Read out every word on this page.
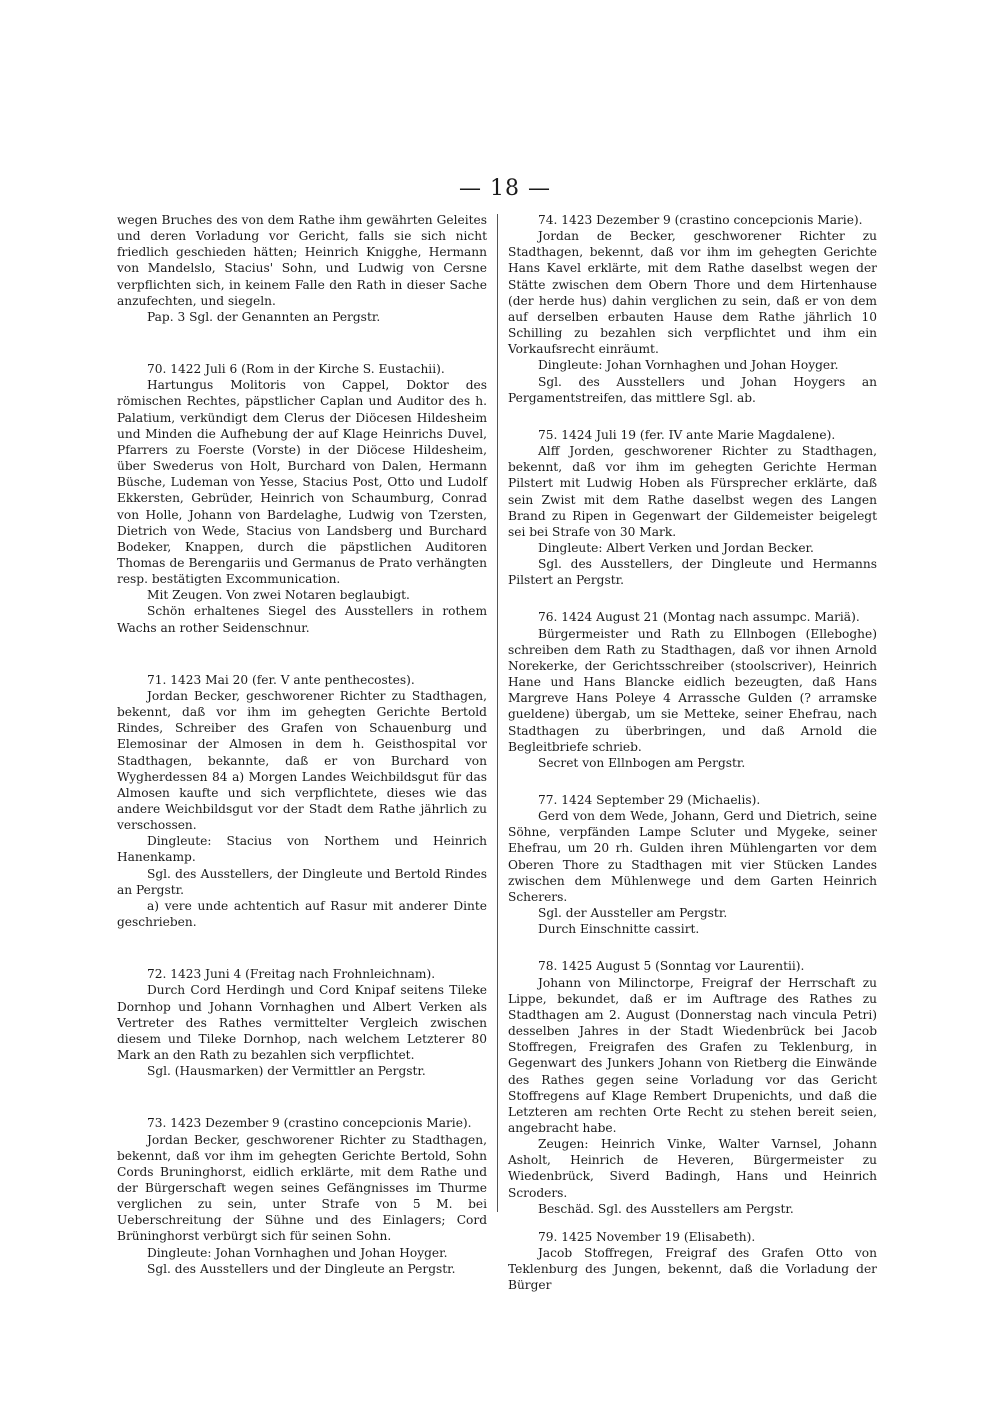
— 18 —

wegen Bruches des von dem Rathe ihm gewährten Geleites und deren Vorladung vor Gericht, falls sie sich nicht friedlich geschieden hätten; Heinrich Knigghe, Hermann von Mandelslo, Stacius' Sohn, und Ludwig von Cersne verpflichten sich, in keinem Falle den Rath in dieser Sache anzufechten, und siegeln.

Pap. 3 Sgl. der Genannten an Pergstr.

70. 1422 Juli 6 (Rom in der Kirche S. Eustachii).

Hartungus Molitoris von Cappel, Doktor des römischen Rechtes, päpstlicher Caplan und Auditor des h. Palatium, verkündigt dem Clerus der Diöcesen Hildesheim und Minden die Aufhebung der auf Klage Heinrichs Duvel, Pfarrers zu Foerste (Vorste) in der Diöcese Hildesheim, über Swederus von Holt, Burchard von Dalen, Hermann Büsche, Ludeman von Yesse, Stacius Post, Otto und Ludolf Ekkersten, Gebrüder, Heinrich von Schaumburg, Conrad von Holle, Johann von Bardelaghe, Ludwig von Tzersten, Dietrich von Wede, Stacius von Landsberg und Burchard Bodeker, Knappen, durch die päpstlichen Auditoren Thomas de Berengariis und Germanus de Prato verhängten resp. bestätigten Excommunication.

Mit Zeugen. Von zwei Notaren beglaubigt.

Schön erhaltenes Siegel des Ausstellers in rothem Wachs an rother Seidenschnur.

71. 1423 Mai 20 (fer. V ante penthecostes).

Jordan Becker, geschworener Richter zu Stadthagen, bekennt, daß vor ihm im gehegten Gerichte Bertold Rindes, Schreiber des Grafen von Schauenburg und Elemosinar der Almosen in dem h. Geisthospital vor Stadthagen, bekannte, daß er von Burchard von Wygherdessen 84 a) Morgen Landes Weichbildsgut für das Almosen kaufte und sich verpflichtete, dieses wie das andere Weichbildsgut vor der Stadt dem Rathe jährlich zu verschossen.

Dingleute: Stacius von Northem und Heinrich Hanenkamp.

Sgl. des Ausstellers, der Dingleute und Bertold Rindes an Pergstr.

a) vere unde achtentich auf Rasur mit anderer Dinte geschrieben.

72. 1423 Juni 4 (Freitag nach Frohnleichnam).

Durch Cord Herdingh und Cord Knipaf seitens Tileke Dornhop und Johann Vornhaghen und Albert Verken als Vertreter des Rathes vermittelter Vergleich zwischen diesem und Tileke Dornhop, nach welchem Letzterer 80 Mark an den Rath zu bezahlen sich verpflichtet.

Sgl. (Hausmarken) der Vermittler an Pergstr.

73. 1423 Dezember 9 (crastino concepcionis Marie).

Jordan Becker, geschworener Richter zu Stadthagen, bekennt, daß vor ihm im gehegten Gerichte Bertold, Sohn Cords Bruninghorst, eidlich erklärte, mit dem Rathe und der Bürgerschaft wegen seines Gefängnisses im Thurme verglichen zu sein, unter Strafe von 5 M. bei Ueberschreitung der Sühne und des Einlagers; Cord Brüninghorst verbürgt sich für seinen Sohn.

Dingleute: Johan Vornhaghen und Johan Hoyger.

Sgl. des Ausstellers und der Dingleute an Pergstr.

74. 1423 Dezember 9 (crastino concepcionis Marie).

Jordan de Becker, geschworener Richter zu Stadthagen, bekennt, daß vor ihm im gehegten Gerichte Hans Kavel erklärte, mit dem Rathe daselbst wegen der Stätte zwischen dem Obern Thore und dem Hirtenhause (der herde hus) dahin verglichen zu sein, daß er von dem auf derselben erbauten Hause dem Rathe jährlich 10 Schilling zu bezahlen sich verpflichtet und ihm ein Vorkaufsrecht einräumt.

Dingleute: Johan Vornhaghen und Johan Hoyger.

Sgl. des Ausstellers und Johan Hoygers an Pergamentstreifen, das mittlere Sgl. ab.

75. 1424 Juli 19 (fer. IV ante Marie Magdalene).

Alff Jorden, geschworener Richter zu Stadthagen, bekennt, daß vor ihm im gehegten Gerichte Herman Pilstert mit Ludwig Hoben als Fürsprecher erklärte, daß sein Zwist mit dem Rathe daselbst wegen des Langen Brand zu Ripen in Gegenwart der Gildemeister beigelegt sei bei Strafe von 30 Mark.

Dingleute: Albert Verken und Jordan Becker.

Sgl. des Ausstellers, der Dingleute und Hermanns Pilstert an Pergstr.

76. 1424 August 21 (Montag nach assumpc. Mariä).

Bürgermeister und Rath zu Ellnbogen (Elleboghe) schreiben dem Rath zu Stadthagen, daß vor ihnen Arnold Norekerke, der Gerichtsschreiber (stoolscriver), Heinrich Hane und Hans Blancke eidlich bezeugten, daß Hans Margreve Hans Poleye 4 Arrassche Gulden (? arramske gueldene) übergab, um sie Metteke, seiner Ehefrau, nach Stadthagen zu überbringen, und daß Arnold die Begleitbriefe schrieb.

Secret von Ellnbogen am Pergstr.

77. 1424 September 29 (Michaelis).

Gerd von dem Wede, Johann, Gerd und Dietrich, seine Söhne, verpfänden Lampe Scluter und Mygeke, seiner Ehefrau, um 20 rh. Gulden ihren Mühlengarten vor dem Oberen Thore zu Stadthagen mit vier Stücken Landes zwischen dem Mühlenwege und dem Garten Heinrich Scherers.

Sgl. der Aussteller am Pergstr.

Durch Einschnitte cassirt.

78. 1425 August 5 (Sonntag vor Laurentii).

Johann von Milinctorpe, Freigraf der Herrschaft zu Lippe, bekundet, daß er im Auftrage des Rathes zu Stadthagen am 2. August (Donnerstag nach vincula Petri) desselben Jahres in der Stadt Wiedenbrück bei Jacob Stoffregen, Freigrafen des Grafen zu Teklenburg, in Gegenwart des Junkers Johann von Rietberg die Einwände des Rathes gegen seine Vorladung vor das Gericht Stoffregens auf Klage Rembert Drupenichts, und daß die Letzteren am rechten Orte Recht zu stehen bereit seien, angebracht habe.

Zeugen: Heinrich Vinke, Walter Varnsel, Johann Asholt, Heinrich de Heveren, Bürgermeister zu Wiedenbrück, Siverd Badingh, Hans und Heinrich Scroders.

Beschäd. Sgl. des Ausstellers am Pergstr.

79. 1425 November 19 (Elisabeth).

Jacob Stoffregen, Freigraf des Grafen Otto von Teklenburg des Jungen, bekennt, daß die Vorladung der Bürger
